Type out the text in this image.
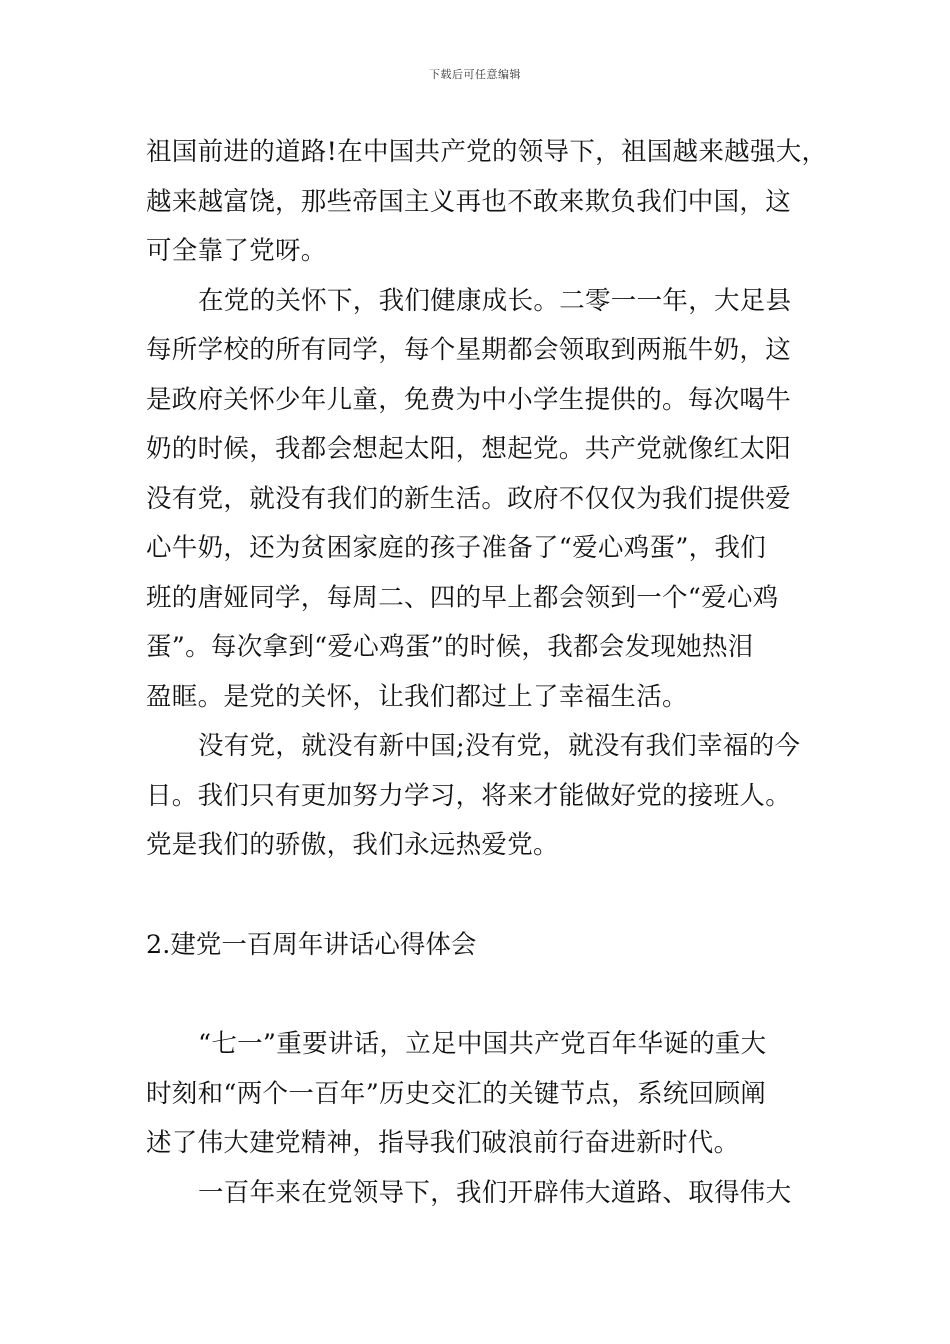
下载后可任意编辑
祖国前进的道路!在中国共产党的领导下，祖国越来越强大，
越来越富饶，那些帝国主义再也不敢来欺负我们中国，这
可全靠了党呀。
在党的关怀下，我们健康成长。二零一一年，大足县
每所学校的所有同学，每个星期都会领取到两瓶牛奶，这
是政府关怀少年儿童，免费为中小学生提供的。每次喝牛
奶的时候，我都会想起太阳，想起党。共产党就像红太阳
没有党，就没有我们的新生活。政府不仅仅为我们提供爱
心牛奶，还为贫困家庭的孩子准备了“爱心鸡蛋”，我们
班的唐娅同学，每周二、四的早上都会领到一个“爱心鸡
蛋”。每次拿到“爱心鸡蛋”的时候，我都会发现她热泪
盈眶。是党的关怀，让我们都过上了幸福生活。
没有党，就没有新中国;没有党，就没有我们幸福的今
日。我们只有更加努力学习，将来才能做好党的接班人。
党是我们的骄傲，我们永远热爱党。
2.建党一百周年讲话心得体会
“七一”重要讲话，立足中国共产党百年华诞的重大
时刻和“两个一百年”历史交汇的关键节点，系统回顾阐
述了伟大建党精神，指导我们破浪前行奋进新时代。
一百年来在党领导下，我们开辟伟大道路、取得伟大
